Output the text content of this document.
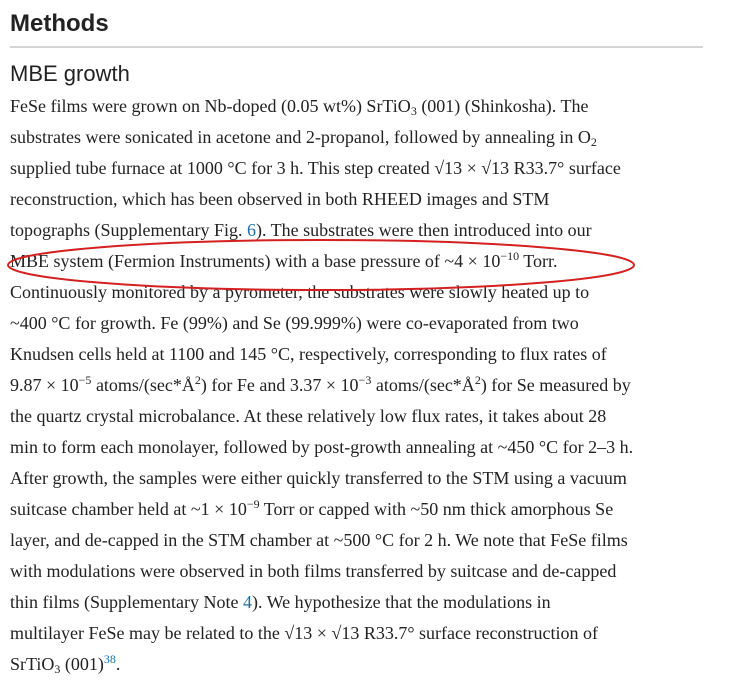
Methods
MBE growth

FeSe films were grown on Nb-doped (0.05 wt%) SrTiO$_3$ (001) (Shinkosha). The
substrates were sonicated in acetone and 2-propanol, followed by annealing in $O_2$
supplied tube furnace at 1000 °C for 3 h. This step created √13 × √13 R33.7° surface
reconstruction, which has been observed in both RHEED images and STM
topographs (Supplementary Fig. 6). The substrates were then introduced into our
MBE system (Fermion Instruments) with a base pressure of ~4 × $10^{-10}$ Torr.
Continuously monitored by a pyrometer, the substrates were slowly heated up to
~400 °C for growth. Fe (99%) and Se (99.999%) were co-evaporated from two
Knudsen cells held at 1100 and 145 °C, respectively, corresponding to flux rates of
$9.87 \times 10^{-5}$ atoms/$(\sec*Å^2)$ for Fe and $3.37 \times 10^{-3}$ atoms/$(\sec*Å^2)$ for Se measured by
the quartz crystal microbalance. At these relatively low flux rates, it takes about 28
min to form each monolayer, followed by post-growth annealing at ~450 °C for 2–3 h.
After growth, the samples were either quickly transferred to the STM using a vacuum
suitcase chamber held at ~1 × $10^{-9}$ Torr or capped with ~50 nm thick amorphous Se
layer, and de-capped in the STM chamber at ~500 °C for 2 h. We note that FeSe films
with modulations were observed in both films transferred by suitcase and de-capped
thin films (Supplementary Note 4). We hypothesize that the modulations in
multilayer FeSe may be related to the √13 × √13 R33.7° surface reconstruction of
SrTiO$_3$ $(001)^{38}$.
